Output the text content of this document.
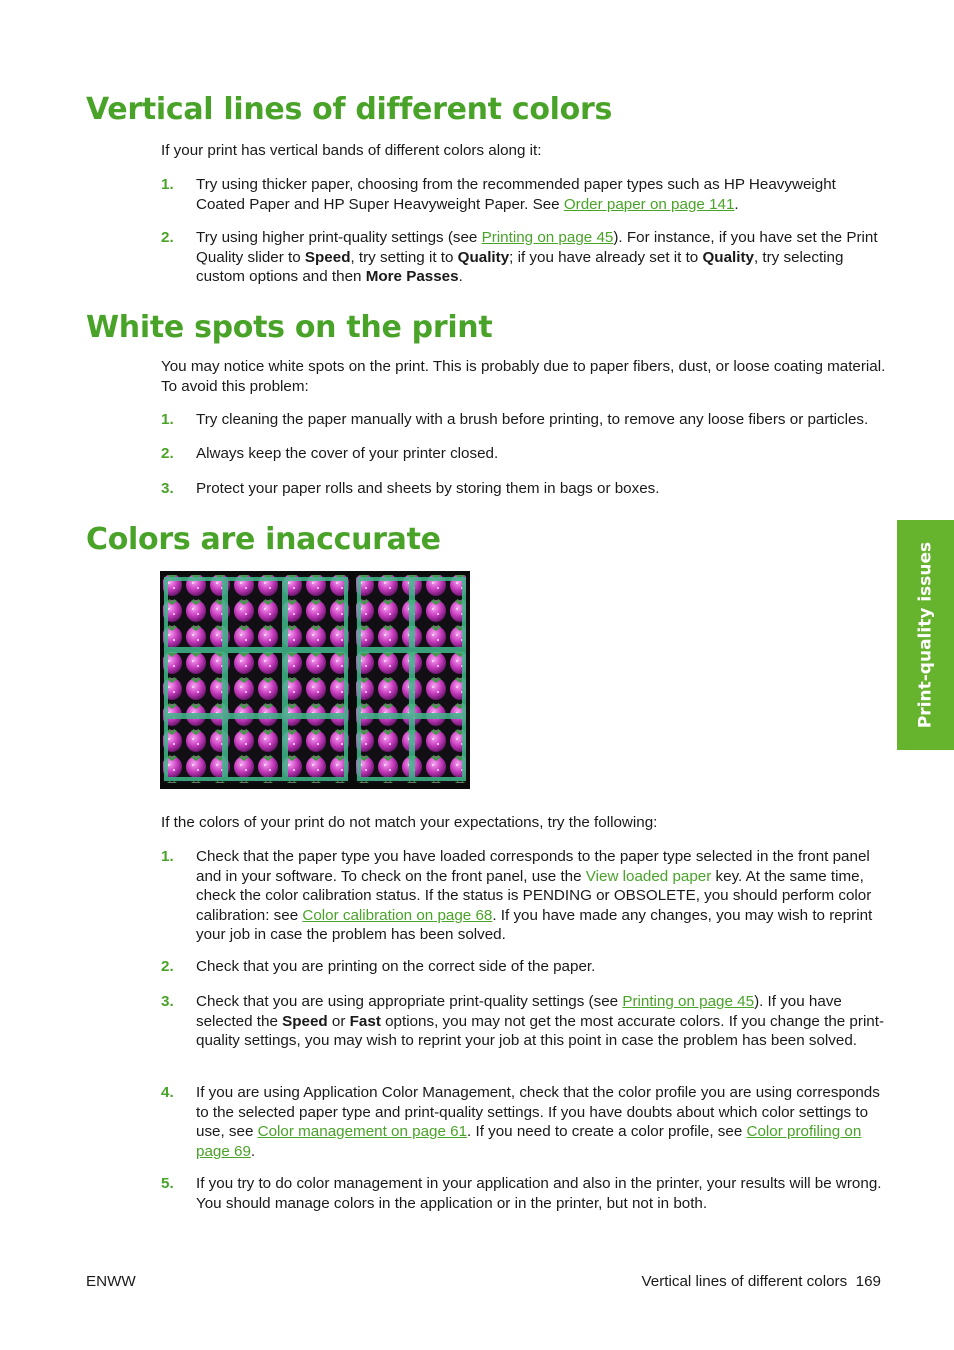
Vertical lines of different colors

If your print has vertical bands of different colors along it:

1. Try using thicker paper, choosing from the recommended paper types such as HP Heavyweight Coated Paper and HP Super Heavyweight Paper. See Order paper on page 141.
2. Try using higher print-quality settings (see Printing on page 45). For instance, if you have set the Print Quality slider to Speed, try setting it to Quality; if you have already set it to Quality, try selecting custom options and then More Passes.
White spots on the print

You may notice white spots on the print. This is probably due to paper fibers, dust, or loose coating material. To avoid this problem:

1. Try cleaning the paper manually with a brush before printing, to remove any loose fibers or particles.
2. Always keep the cover of your printer closed.
3. Protect your paper rolls and sheets by storing them in bags or boxes.
Colors are inaccurate

If the colors of your print do not match your expectations, try the following:

1. Check that the paper type you have loaded corresponds to the paper type selected in the front panel and in your software. To check on the front panel, use the View loaded paper key. At the same time, check the color calibration status. If the status is PENDING or OBSOLETE, you should perform color calibration: see Color calibration on page 68. If you have made any changes, you may wish to reprint your job in case the problem has been solved.
2. Check that you are printing on the correct side of the paper.
3. Check that you are using appropriate print-quality settings (see Printing on page 45). If you have selected the Speed or Fast options, you may not get the most accurate colors. If you change the print-quality settings, you may wish to reprint your job at this point in case the problem has been solved.
4. If you are using Application Color Management, check that the color profile you are using corresponds to the selected paper type and print-quality settings. If you have doubts about which color settings to use, see Color management on page 61. If you need to create a color profile, see Color profiling on page 69.
5. If you try to do color management in your application and also in the printer, your results will be wrong. You should manage colors in the application or in the printer, but not in both.
Print-quality issues
ENWW	Vertical lines of different colors 169
